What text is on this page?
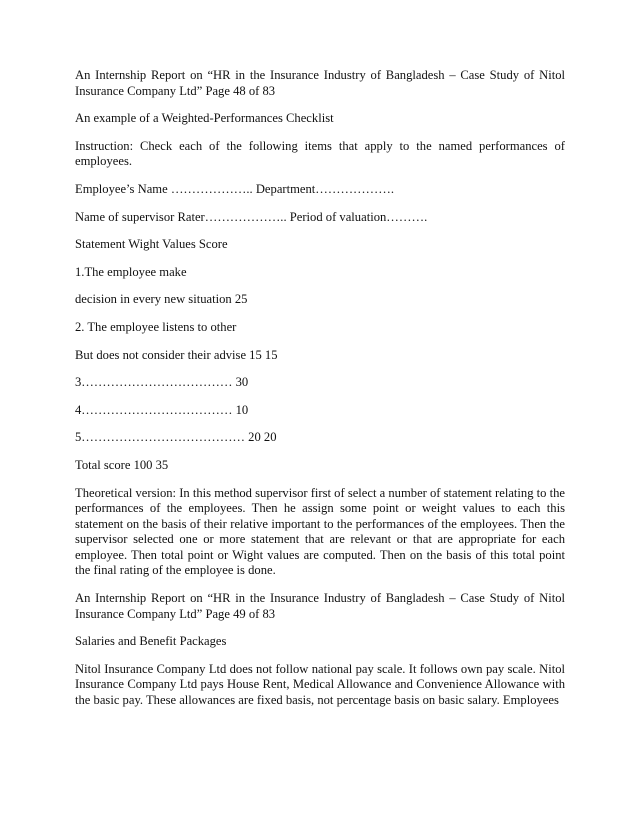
An Internship Report on “HR in the Insurance Industry of Bangladesh – Case Study of Nitol Insurance Company Ltd” Page 48 of 83

An example of a Weighted-Performances Checklist

Instruction: Check each of the following items that apply to the named performances of employees.

Employee’s Name ……………….. Department……………….

Name of supervisor Rater……………….. Period of valuation……….

Statement Wight Values Score

1.The employee make

decision in every new situation 25

2. The employee listens to other

But does not consider their advise 15 15

3……………………………… 30

4……………………………… 10

5………………………………… 20 20

Total score 100 35

Theoretical version: In this method supervisor first of select a number of statement relating to the performances of the employees. Then he assign some point or weight values to each this statement on the basis of their relative important to the performances of the employees. Then the supervisor selected one or more statement that are relevant or that are appropriate for each employee. Then total point or Wight values are computed. Then on the basis of this total point the final rating of the employee is done.

An Internship Report on “HR in the Insurance Industry of Bangladesh – Case Study of Nitol Insurance Company Ltd” Page 49 of 83

Salaries and Benefit Packages

Nitol Insurance Company Ltd does not follow national pay scale. It follows own pay scale. Nitol Insurance Company Ltd pays House Rent, Medical Allowance and Convenience Allowance with the basic pay. These allowances are fixed basis, not percentage basis on basic salary. Employees
